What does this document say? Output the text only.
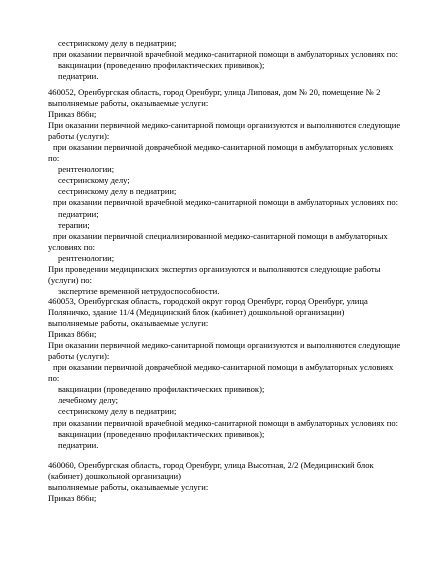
сестринскому делу в педиатрии;
при оказании первичной врачебной медико-санитарной помощи в амбулаторных условиях по:
вакцинации (проведению профилактических прививок);
педиатрии.
460052, Оренбургская область, город Оренбург, улица Липовая, дом № 20, помещение № 2
выполняемые работы, оказываемые услуги:
Приказ 866н;
При оказании первичной медико-санитарной помощи организуются и выполняются следующие
работы (услуги):
при оказании первичной доврачебной медико-санитарной помощи в амбулаторных условиях
по:
рентгенологии;
сестринскому делу;
сестринскому делу в педиатрии;
при оказании первичной врачебной медико-санитарной помощи в амбулаторных условиях по:
педиатрии;
терапии;
при оказании первичной специализированной медико-санитарной помощи в амбулаторных
условиях по:
рентгенологии;
При проведении медицинских экспертиз организуются и выполняются следующие работы
(услуги) по:
экспертизе временной нетрудоспособности.
460053, Оренбургская область, городской округ город Оренбург, город Оренбург, улица
Поляничко, здание 11/4 (Медицинский блок (кабинет) дошкольной организации)
выполняемые работы, оказываемые услуги:
Приказ 866н;
При оказании первичной медико-санитарной помощи организуются и выполняются следующие
работы (услуги):
при оказании первичной доврачебной медико-санитарной помощи в амбулаторных условиях
по:
вакцинации (проведению профилактических прививок);
лечебному делу;
сестринскому делу в педиатрии;
при оказании первичной врачебной медико-санитарной помощи в амбулаторных условиях по:
вакцинации (проведению профилактических прививок);
педиатрии.
460060, Оренбургская область, город Оренбург, улица Высотная, 2/2 (Медицинский блок
(кабинет) дошкольной организации)
выполняемые работы, оказываемые услуги:
Приказ 866н;
